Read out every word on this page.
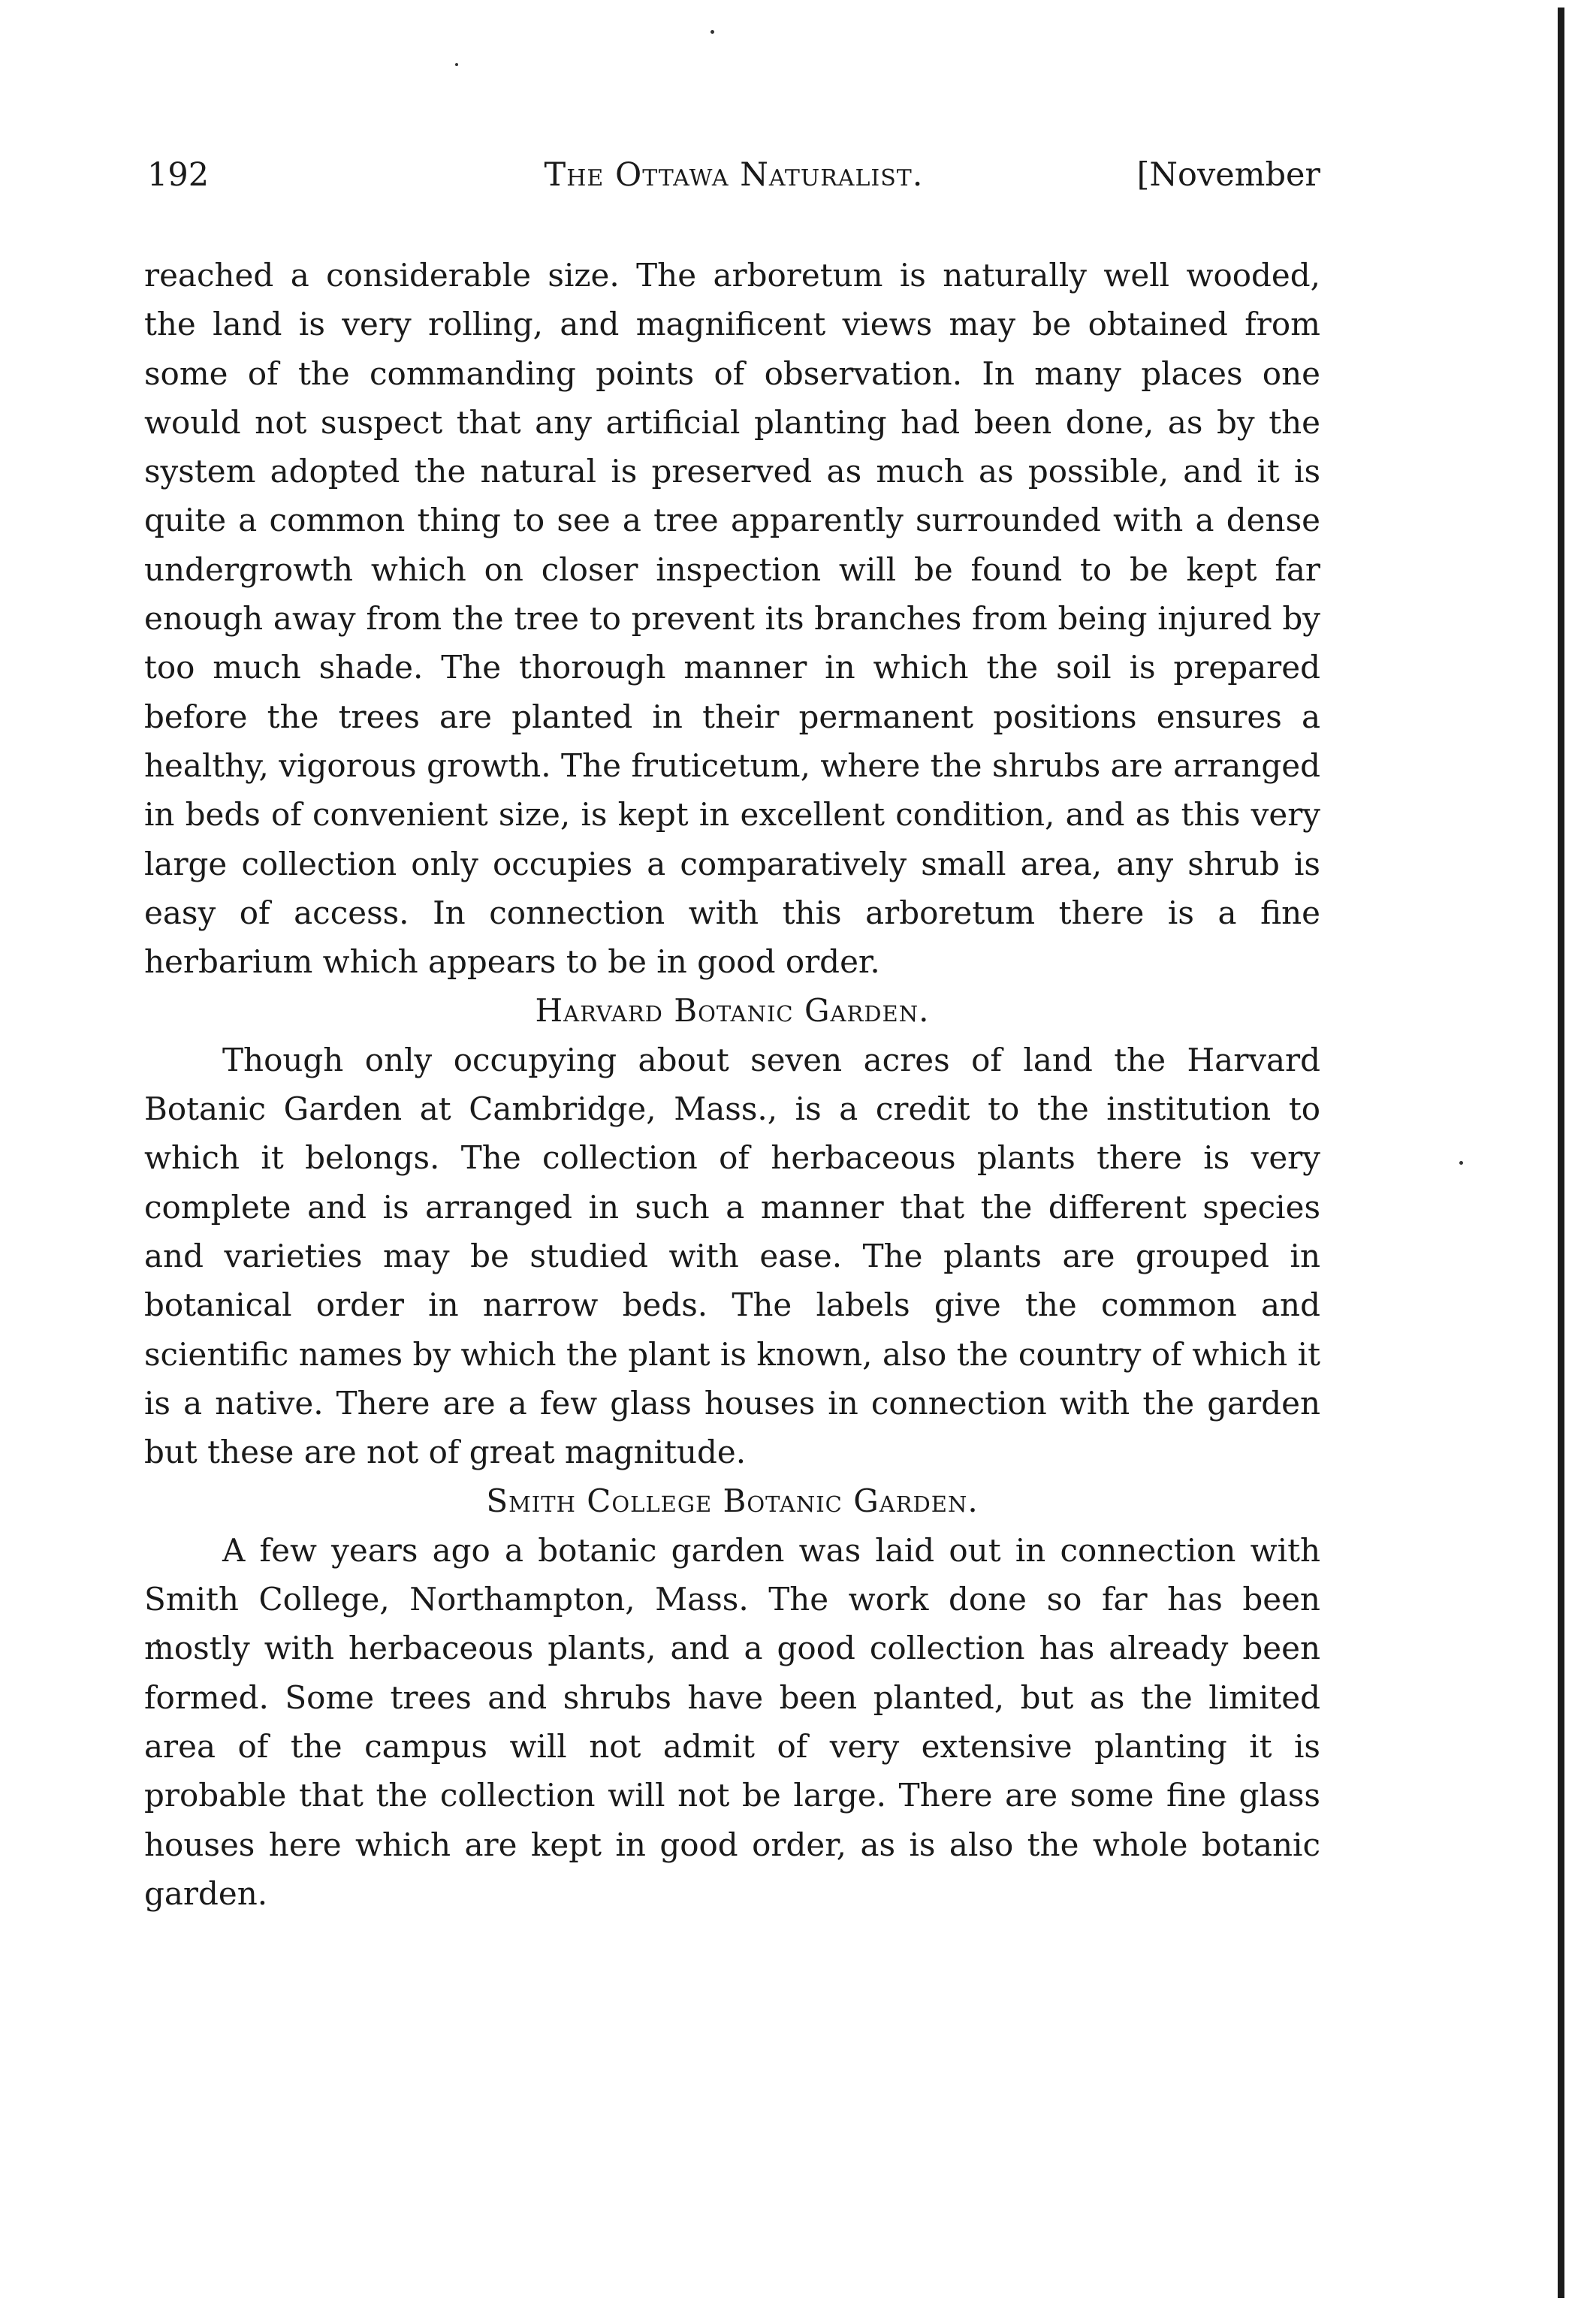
192	The Ottawa Naturalist.	[November

reached a considerable size. The arboretum is naturally well wooded, the land is very rolling, and magnificent views may be obtained from some of the commanding points of observation. In many places one would not suspect that any artificial planting had been done, as by the system adopted the natural is preserved as much as possible, and it is quite a common thing to see a tree apparently surrounded with a dense undergrowth which on closer inspection will be found to be kept far enough away from the tree to prevent its branches from being injured by too much shade. The thorough manner in which the soil is prepared before the trees are planted in their permanent positions ensures a healthy, vigorous growth. The fruticetum, where the shrubs are arranged in beds of convenient size, is kept in excellent condition, and as this very large collection only occupies a comparatively small area, any shrub is easy of access. In connection with this arboretum there is a fine herbarium which appears to be in good order.

Harvard Botanic Garden.

Though only occupying about seven acres of land the Harvard Botanic Garden at Cambridge, Mass., is a credit to the institution to which it belongs. The collection of herbaceous plants there is very complete and is arranged in such a manner that the different species and varieties may be studied with ease. The plants are grouped in botanical order in narrow beds. The labels give the common and scientific names by which the plant is known, also the country of which it is a native. There are a few glass houses in connection with the garden but these are not of great magnitude.

Smith College Botanic Garden.

A few years ago a botanic garden was laid out in connection with Smith College, Northampton, Mass. The work done so far has been mostly with herbaceous plants, and a good collection has already been formed. Some trees and shrubs have been planted, but as the limited area of the campus will not admit of very extensive planting it is probable that the collection will not be large. There are some fine glass houses here which are kept in good order, as is also the whole botanic garden.
